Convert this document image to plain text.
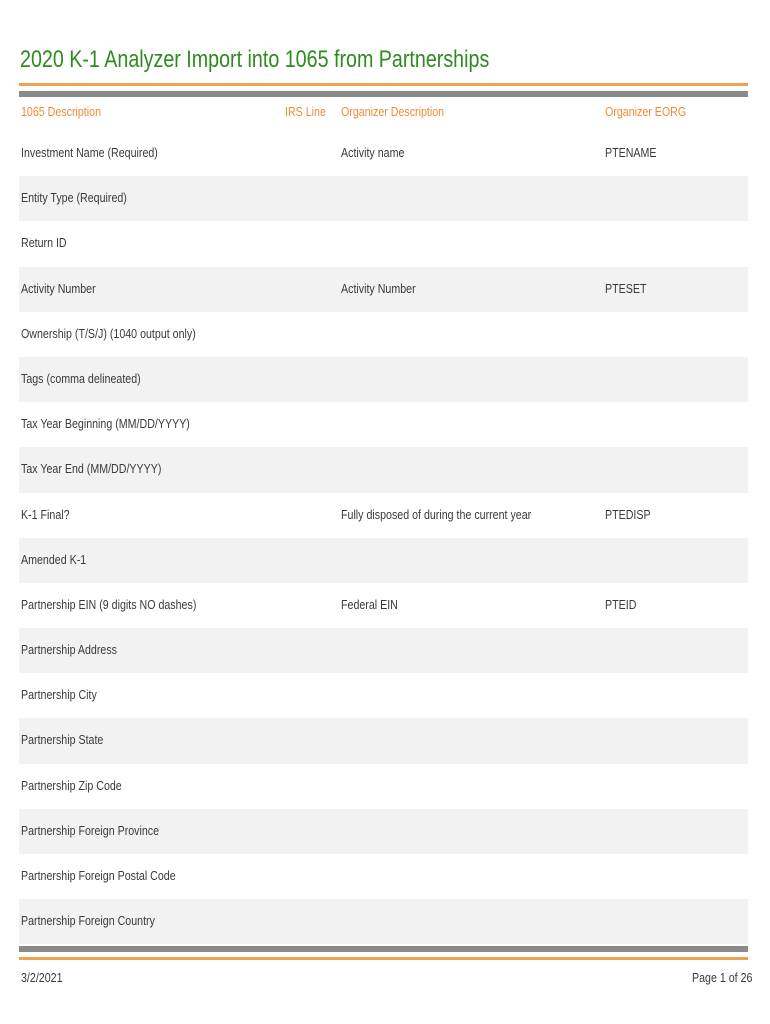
2020 K-1 Analyzer Import into 1065 from Partnerships
1065 Description	IRS Line Organizer Description	Organizer EORG
Investment Name (Required)	Activity name	PTENAME
Entity Type (Required)
Return ID
Activity Number	Activity Number	PTESET
Ownership (T/S/J) (1040 output only)
Tags (comma delineated)
Tax Year Beginning (MM/DD/YYYY)
Tax Year End (MM/DD/YYYY)
K-1 Final?	Fully disposed of during the current year	PTEDISP
Amended K-1
Partnership EIN (9 digits NO dashes)	Federal EIN	PTEID
Partnership Address
Partnership City
Partnership State
Partnership Zip Code
Partnership Foreign Province
Partnership Foreign Postal Code
Partnership Foreign Country
3/2/2021	Page 1 of 26
